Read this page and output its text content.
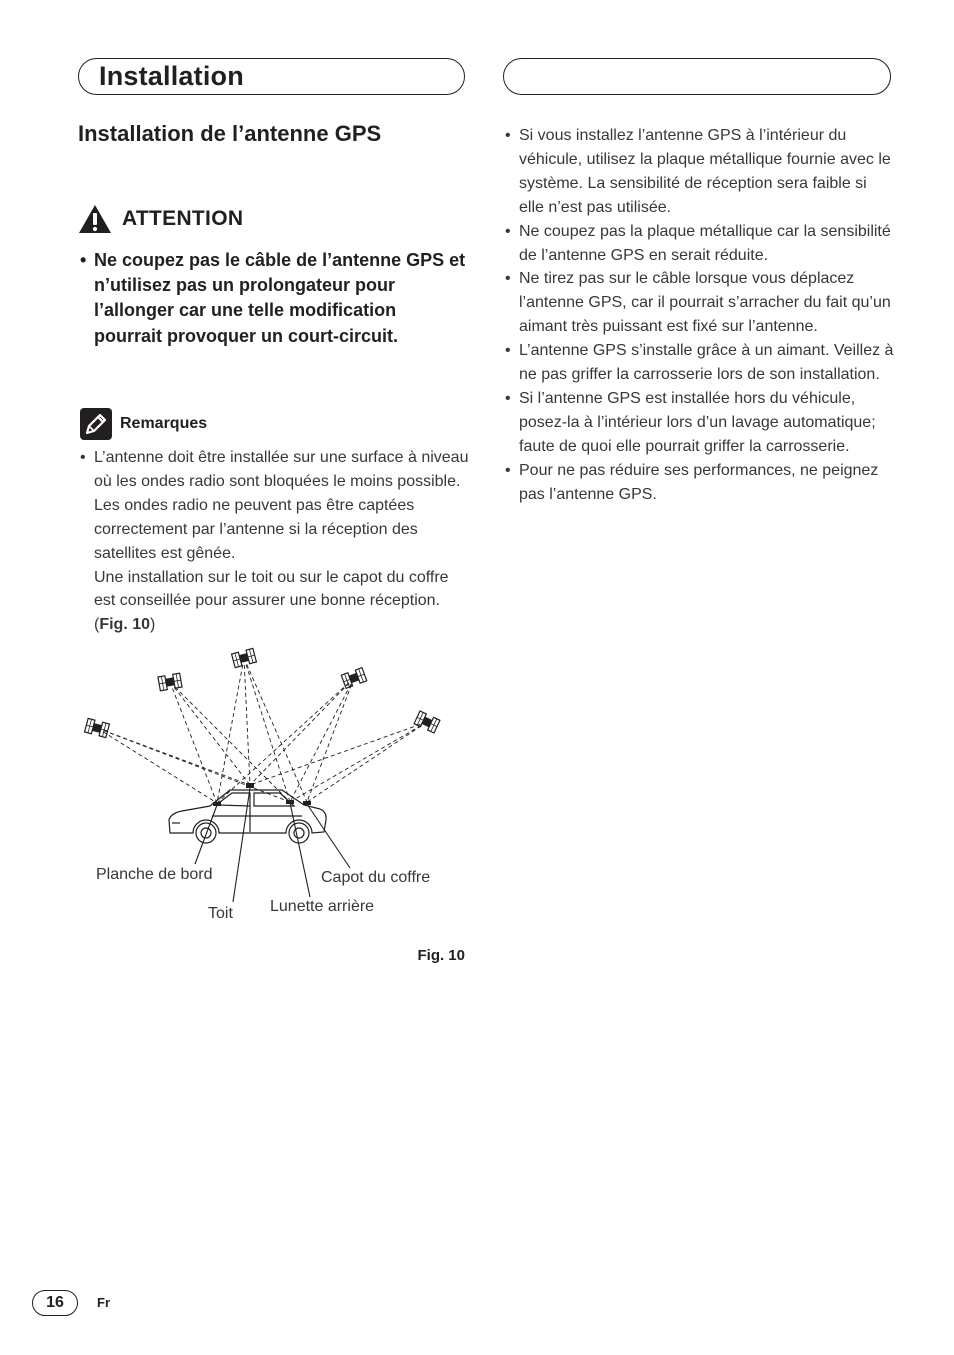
Installation
Installation de l’antenne GPS
ATTENTION
• Ne coupez pas le câble de l’antenne GPS et n’utilisez pas un prolongateur pour l’allonger car une telle modification pourrait provoquer un court-circuit.
Remarques
• L’antenne doit être installée sur une surface à niveau où les ondes radio sont bloquées le moins possible. Les ondes radio ne peuvent pas être captées correctement par l’antenne si la réception des satellites est gênée.
Une installation sur le toit ou sur le capot du coffre est conseillée pour assurer une bonne réception. (Fig. 10)
Planche de bord
Toit Lunette arrière
Capot du coffre
Fig. 10
• Si vous installez l’antenne GPS à l’intérieur du véhicule, utilisez la plaque métallique fournie avec le système. La sensibilité de réception sera faible si elle n’est pas utilisée.
• Ne coupez pas la plaque métallique car la sensibilité de l’antenne GPS en serait réduite.
• Ne tirez pas sur le câble lorsque vous déplacez l’antenne GPS, car il pourrait s’arracher du fait qu’un aimant très puissant est fixé sur l’antenne.
• L’antenne GPS s’installe grâce à un aimant. Veillez à ne pas griffer la carrosserie lors de son installation.
• Si l’antenne GPS est installée hors du véhicule, posez-la à l’intérieur lors d’un lavage automatique; faute de quoi elle pourrait griffer la carrosserie.
• Pour ne pas réduire ses performances, ne peignez pas l’antenne GPS.
16	Fr
